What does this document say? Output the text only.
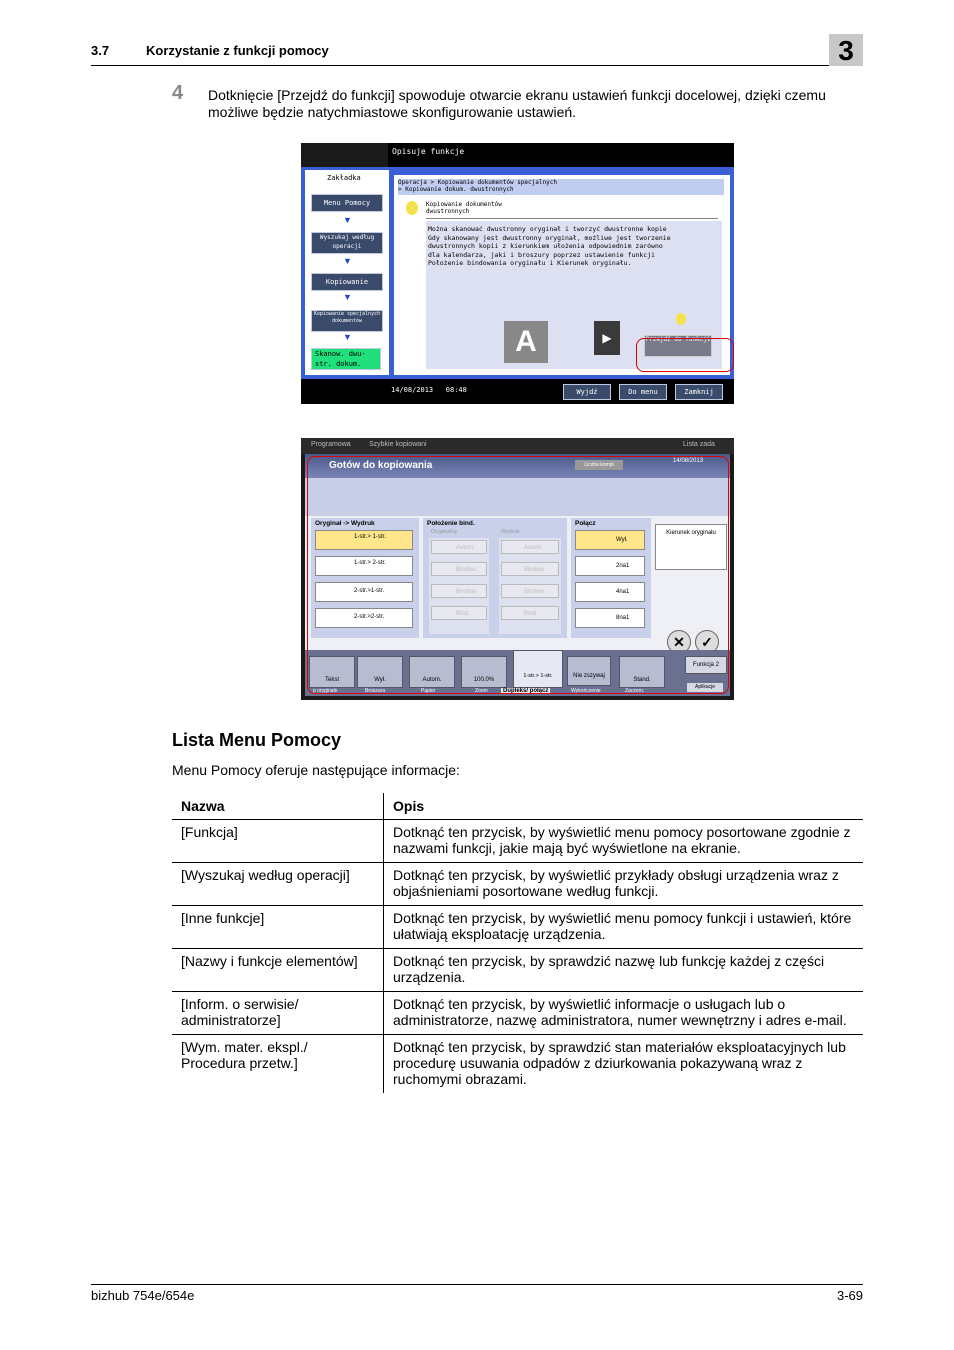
3.7	Korzystanie z funkcji pomocy	3
4 Dotknięcie [Przejdź do funkcji] spowoduje otwarcie ekranu ustawień funkcji docelowej, dzięki czemu możliwe będzie natychmiastowe skonfigurowanie ustawień.
Opisuje funkcje
Zakładka
Menu Pomocy
▼
Wyszukaj według operacji
▼
Kopiowanie
▼
Kopiowanie specjalnych dokumentów
▼
Skanow. dwu-str. dokum.
Operacja > Kopiowanie dokumentów specjalnych
> Kopiowanie dokum. dwustronnych
Kopiowanie dokumentów dwustronnych
Można skanować dwustronny oryginał i tworzyć dwustronne kopie
Gdy skanowany jest dwustronny oryginał, możliwe jest tworzenie
dwustronnych kopii z kierunkiem ułożenia odpowiednim zarówno
dla kalendarza, jaki i broszury poprzez ustawienie funkcji
Położenie bindowania oryginału i Kierunek oryginału.
A	▶	Przejdź do funkcji
14/08/2013   08:48	Wyjdź	Do menu	Zamknij
Programowa	Szybkie kopiowani	Lista zada
Gotów do kopiowania	Liczba kompl
14/08/2013
Oryginał -> Wydruk
1-str.> 1-str.
1-str.> 2-str.
2-str.>1-str.
2-str.>2-str.
Położenie bind.
Oryginalny	Wydruk
Autom.
Bindow.
Bindow.
Bind.
Autom.
Bindow.
Bindow.
Bind.
Połącz
Wył.
2na1
4na1
8na1
Kierunek oryginału
✕	✓
Tekst	Wył.	Autom.	100.0%
1-str.> 1-str.	Nie zszywaj
Stand.
Funkcja 2
p oryginaln	Broszura	Papier	Zoom	Dupleks/ połącz	Wykończenie	Zaczern.
Aplikacje
Lista Menu Pomocy
Menu Pomocy oferuje następujące informacje:
Nazwa	Opis
[Funkcja]	Dotknąć ten przycisk, by wyświetlić menu pomocy posortowane zgodnie z nazwami funkcji, jakie mają być wyświetlone na ekranie.
[Wyszukaj według operacji]	Dotknąć ten przycisk, by wyświetlić przykłady obsługi urządzenia wraz z objaśnieniami posortowane według funkcji.
[Inne funkcje]	Dotknąć ten przycisk, by wyświetlić menu pomocy funkcji i ustawień, które ułatwiają eksploatację urządzenia.
[Nazwy i funkcje elementów]	Dotknąć ten przycisk, by sprawdzić nazwę lub funkcję każdej z części urządzenia.
[Inform. o serwisie/ administratorze]	Dotknąć ten przycisk, by wyświetlić informacje o usługach lub o administratorze, nazwę administratora, numer wewnętrzny i adres e-mail.
[Wym. mater. ekspl./ Procedura przetw.]	Dotknąć ten przycisk, by sprawdzić stan materiałów eksploatacyjnych lub procedurę usuwania odpadów z dziurkowania pokazywaną wraz z ruchomymi obrazami.
bizhub 754e/654e	3-69
